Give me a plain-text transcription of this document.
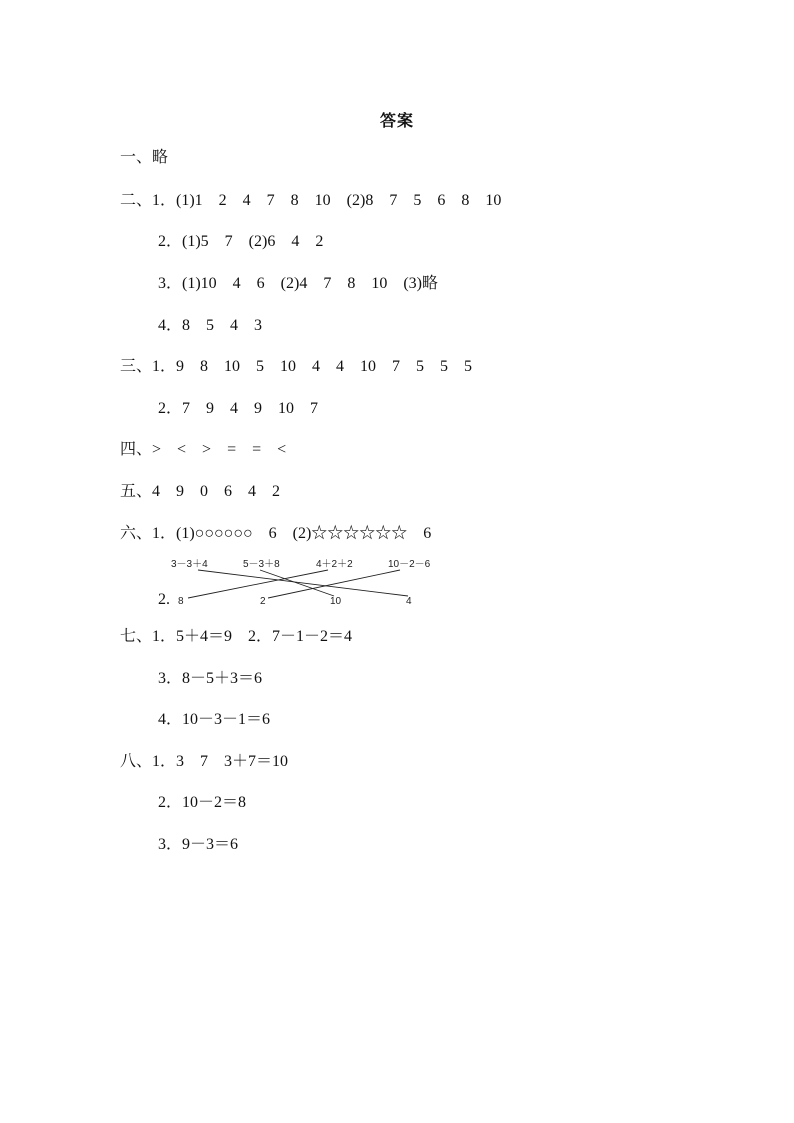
答案
一、略
二、1．(1)1　2　4　7　8　10　(2)8　7　5　6　8　10
2．(1)5　7　(2)6　4　2
3．(1)10　4　6　(2)4　7　8　10　(3)略
4．8　5　4　3
三、1．9　8　10　5　10　4　4　10　7　5　5　5
2．7　9　4　9　10　7
四、>　<　>　=　=　<
五、4　9　0　6　4　2
六、1．(1)○○○○○○　6　(2)☆☆☆☆☆☆　6
3－3＋4	5－3＋8	4＋2＋2	10－2－6
8	2	10	4
2.
七、1．5＋4＝9　2．7－1－2＝4
3．8－5＋3＝6
4．10－3－1＝6
八、1．3　7　3＋7＝10
2．10－2＝8
3．9－3＝6
